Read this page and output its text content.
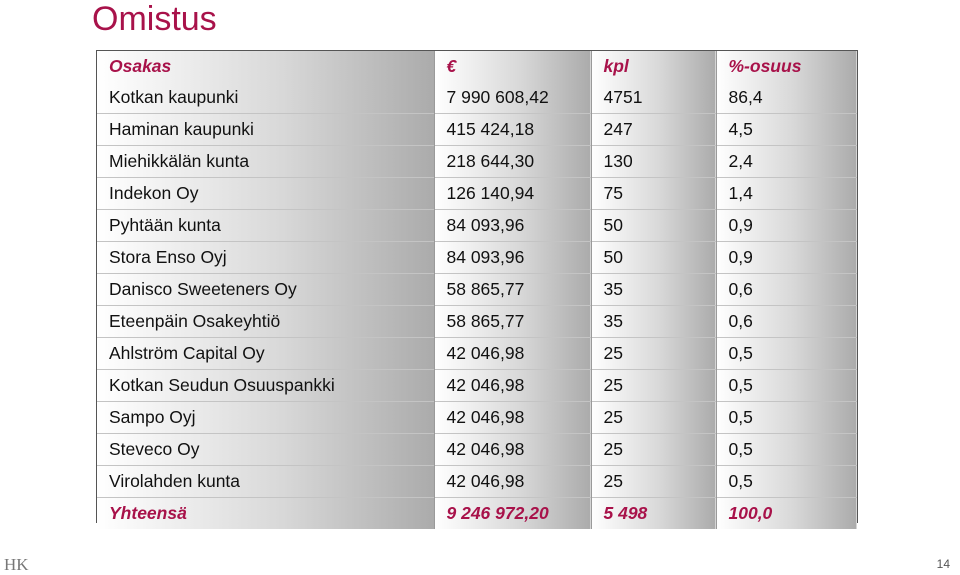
Omistus
Osakas	€	kpl	%-osuus
Kotkan kaupunki	7 990 608,42	4751	86,4
Haminan kaupunki	415 424,18	247	4,5
Miehikkälän kunta	218 644,30	130	2,4
Indekon Oy	126 140,94	75	1,4
Pyhtään kunta	84 093,96	50	0,9
Stora Enso Oyj	84 093,96	50	0,9
Danisco Sweeteners Oy	58 865,77	35	0,6
Eteenpäin Osakeyhtiö	58 865,77	35	0,6
Ahlström Capital Oy	42 046,98	25	0,5
Kotkan Seudun Osuuspankki	42 046,98	25	0,5
Sampo Oyj	42 046,98	25	0,5
Steveco Oy	42 046,98	25	0,5
Virolahden kunta	42 046,98	25	0,5
Yhteensä	9 246 972,20	5 498	100,0
HK	14
